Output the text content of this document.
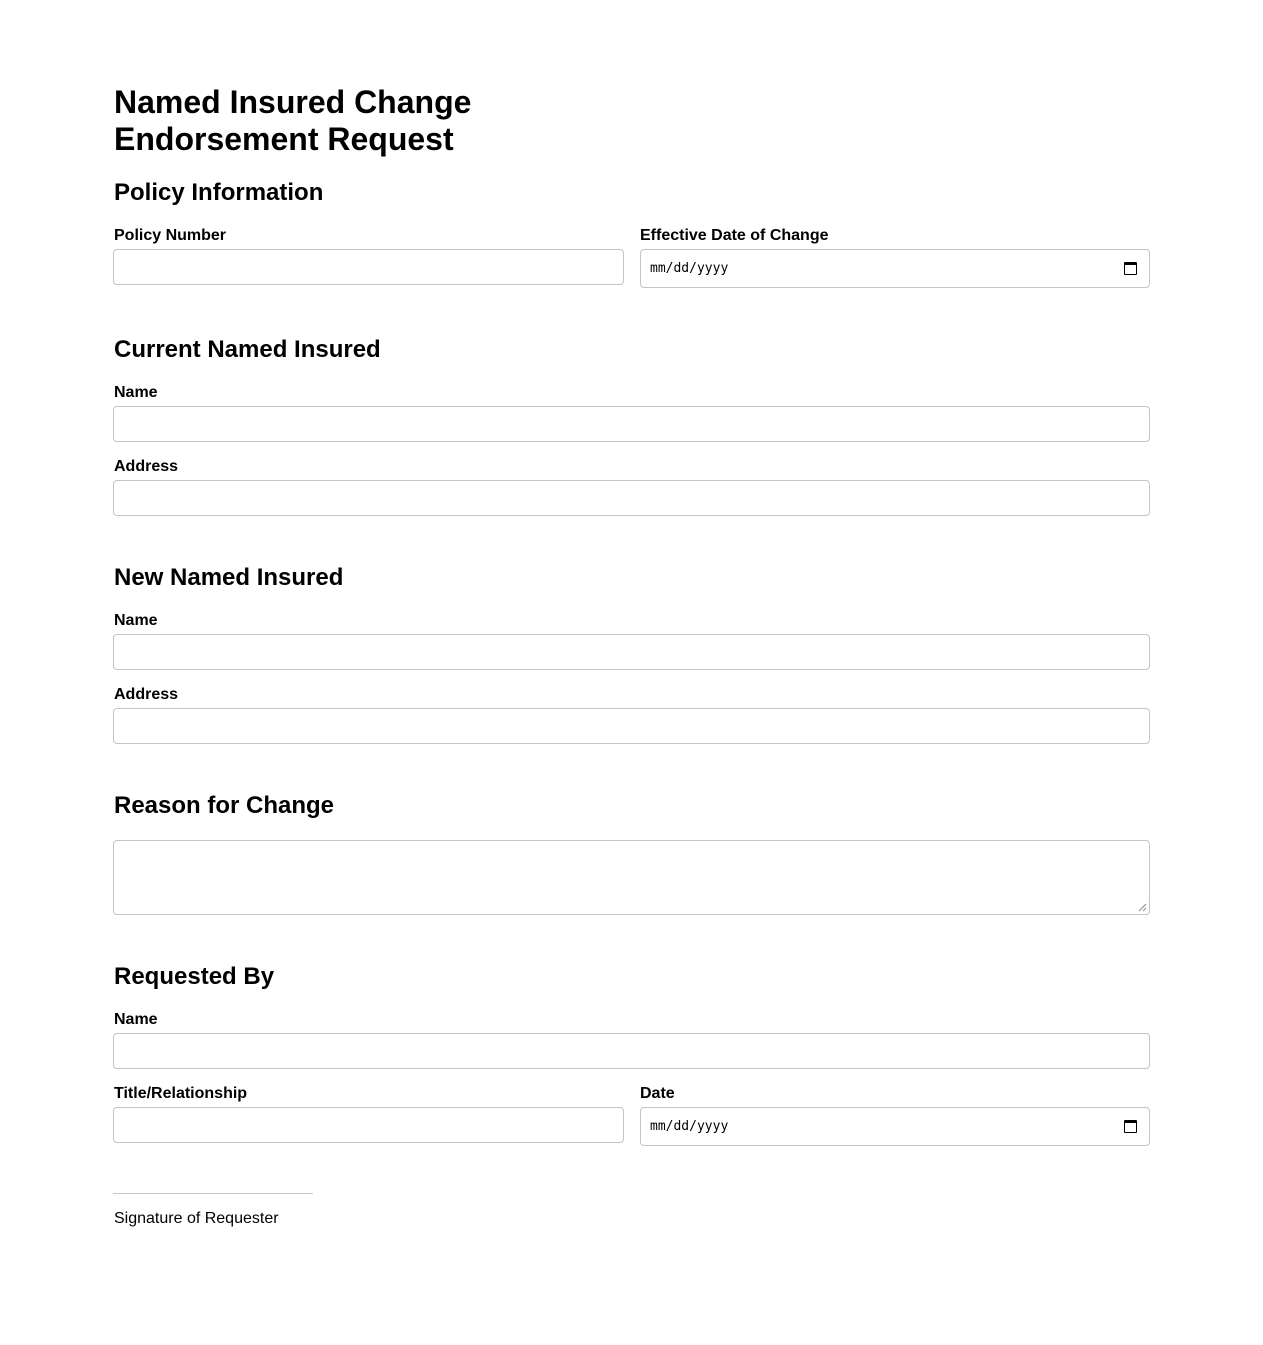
Named Insured Change Endorsement Request
Policy Information
Policy Number	Effective Date of Change
mm/dd/yyyy
Current Named Insured
Name
Address
New Named Insured
Name
Address
Reason for Change
Requested By
Name
Title/Relationship	Date
mm/dd/yyyy
Signature of Requester
